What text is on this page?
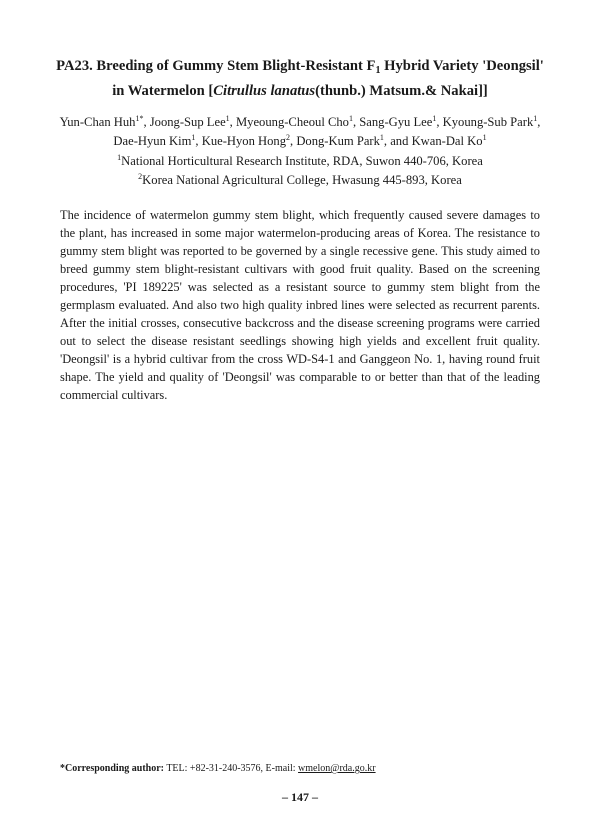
PA23. Breeding of Gummy Stem Blight-Resistant $F_1$ Hybrid Variety 'Deongsil'
in Watermelon [Citrullus lanatus(thunb.) Matsum.& Nakai]]
Yun-Chan Huh$^{1*}$, Joong-Sup Lee$^1$, Myeoung-Cheoul Cho$^1$, Sang-Gyu Lee$^1$, Kyoung-Sub Park$^1$,
Dae-Hyun Kim$^1$, Kue-Hyon Hong$^2$, Dong-Kum Park$^1$, and Kwan-Dal Ko$^1$
$^1$National Horticultural Research Institute, RDA, Suwon 440-706, Korea
$^2$Korea National Agricultural College, Hwasung 445-893, Korea

The incidence of watermelon gummy stem blight, which frequently caused severe damages to the plant, has increased in some major watermelon-producing areas of Korea. The resistance to gummy stem blight was reported to be governed by a single recessive gene. This study aimed to breed gummy stem blight-resistant cultivars with good fruit quality. Based on the screening procedures, 'PI 189225' was selected as a resistant source to gummy stem blight from the germplasm evaluated. And also two high quality inbred lines were selected as recurrent parents. After the initial crosses, consecutive backcross and the disease screening programs were carried out to select the disease resistant seedlings showing high yields and excellent fruit quality. 'Deongsil' is a hybrid cultivar from the cross WD-S4-1 and Ganggeon No. 1, having round fruit shape. The yield and quality of 'Deongsil' was comparable to or better than that of the leading commercial cultivars.

*Corresponding author: TEL: +82-31-240-3576, E-mail: wmelon@rda.go.kr
– 147 –
